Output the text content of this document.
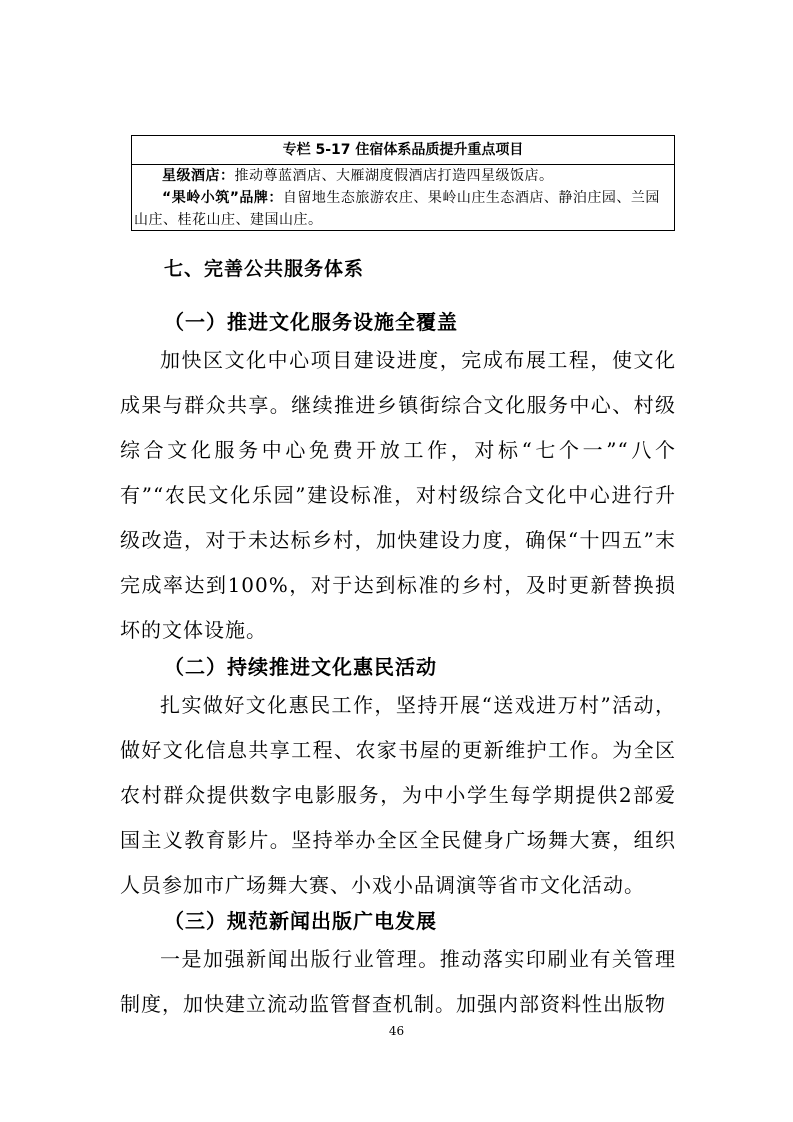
专栏 5-17 住宿体系品质提升重点项目

星级酒店：推动尊蓝酒店、大雁湖度假酒店打造四星级饭店。

“果岭小筑”品牌：自留地生态旅游农庄、果岭山庄生态酒店、静泊庄园、兰园山庄、桂花山庄、建国山庄。

七、完善公共服务体系
（一）推进文化服务设施全覆盖

加快区文化中心项目建设进度，完成布展工程，使文化成果与群众共享。继续推进乡镇街综合文化服务中心、村级综合文化服务中心免费开放工作，对标“七个一”“八个有”“农民文化乐园”建设标准，对村级综合文化中心进行升级改造，对于未达标乡村，加快建设力度，确保“十四五”末完成率达到100%，对于达到标准的乡村，及时更新替换损坏的文体设施。

（二）持续推进文化惠民活动

扎实做好文化惠民工作，坚持开展“送戏进万村”活动，做好文化信息共享工程、农家书屋的更新维护工作。为全区农村群众提供数字电影服务，为中小学生每学期提供2部爱国主义教育影片。坚持举办全区全民健身广场舞大赛，组织人员参加市广场舞大赛、小戏小品调演等省市文化活动。

（三）规范新闻出版广电发展

一是加强新闻出版行业管理。推动落实印刷业有关管理制度，加快建立流动监管督查机制。加强内部资料性出版物

46
